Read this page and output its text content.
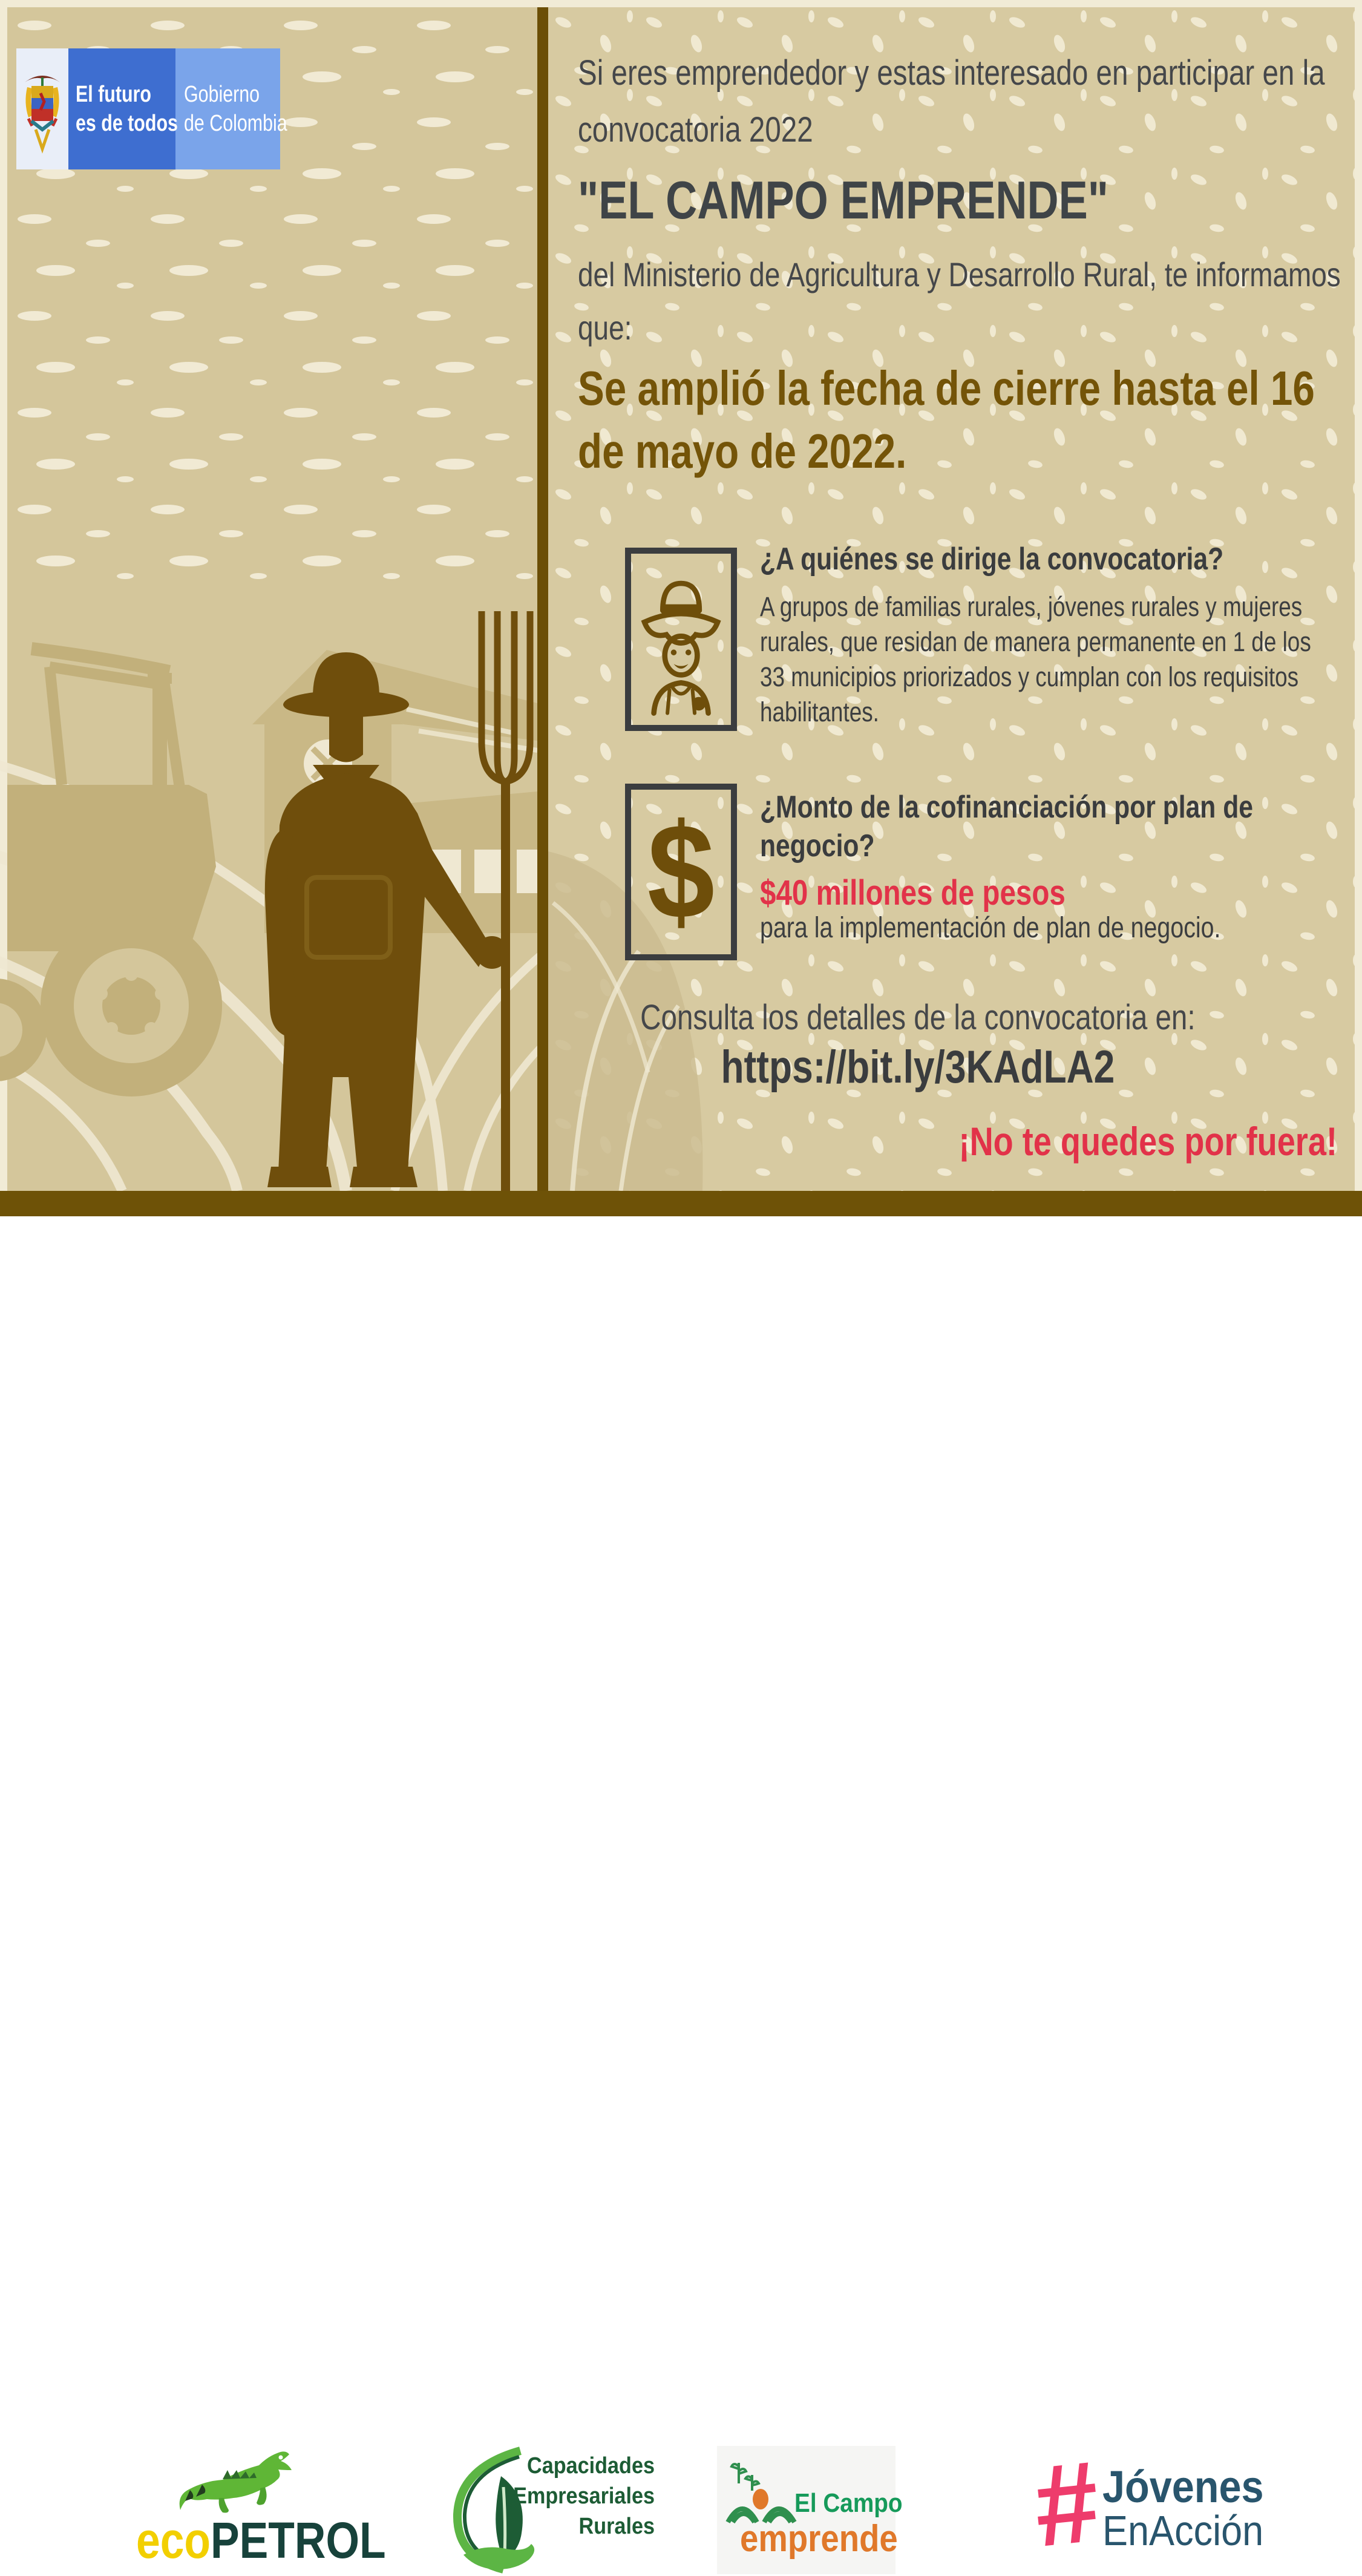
El futuro es de todos
Gobierno de Colombia
Si eres emprendedor y estas interesado en participar en la convocatoria 2022
"EL CAMPO EMPRENDE"
del Ministerio de Agricultura y Desarrollo Rural, te informamos que:
Se amplió la fecha de cierre hasta el 16 de mayo de 2022.
¿A quiénes se dirige la convocatoria?
A grupos de familias rurales, jóvenes rurales y mujeres rurales, que residan de manera permanente en 1 de los 33 municipios priorizados y cumplan con los requisitos habilitantes.
$ ¿Monto de la cofinanciación por plan de negocio?
$40 millones de pesos
para la implementación de plan de negocio.
Consulta los detalles de la convocatoria en:
https://bit.ly/3KAdLA2
¡No te quedes por fuera!
ecoPETROL
Capacidades
Empresariales
Rurales
El Campo
emprende #
Jóvenes
EnAcción
